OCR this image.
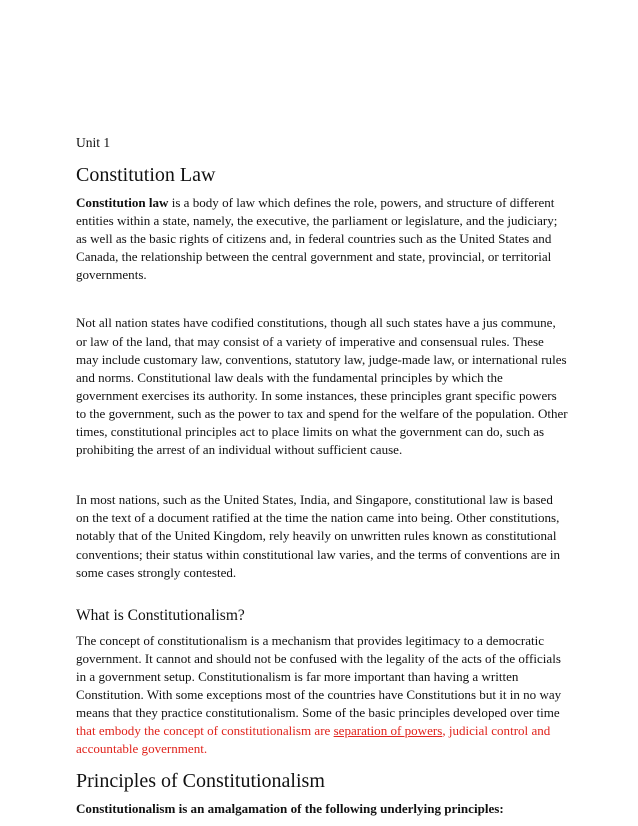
Unit 1
Constitution Law

Constitution law is a body of law which defines the role, powers, and structure of different entities within a state, namely, the executive, the parliament or legislature, and the judiciary; as well as the basic rights of citizens and, in federal countries such as the United States and Canada, the relationship between the central government and state, provincial, or territorial governments.

Not all nation states have codified constitutions, though all such states have a jus commune, or law of the land, that may consist of a variety of imperative and consensual rules. These may include customary law, conventions, statutory law, judge-made law, or international rules and norms. Constitutional law deals with the fundamental principles by which the government exercises its authority. In some instances, these principles grant specific powers to the government, such as the power to tax and spend for the welfare of the population. Other times, constitutional principles act to place limits on what the government can do, such as prohibiting the arrest of an individual without sufficient cause.

In most nations, such as the United States, India, and Singapore, constitutional law is based on the text of a document ratified at the time the nation came into being. Other constitutions, notably that of the United Kingdom, rely heavily on unwritten rules known as constitutional conventions; their status within constitutional law varies, and the terms of conventions are in some cases strongly contested.

What is Constitutionalism?

The concept of constitutionalism is a mechanism that provides legitimacy to a democratic government. It cannot and should not be confused with the legality of the acts of the officials in a government setup. Constitutionalism is far more important than having a written Constitution. With some exceptions most of the countries have Constitutions but it in no way means that they practice constitutionalism. Some of the basic principles developed over time that embody the concept of constitutionalism are separation of powers, judicial control and accountable government.

Principles of Constitutionalism

Constitutionalism is an amalgamation of the following underlying principles:
